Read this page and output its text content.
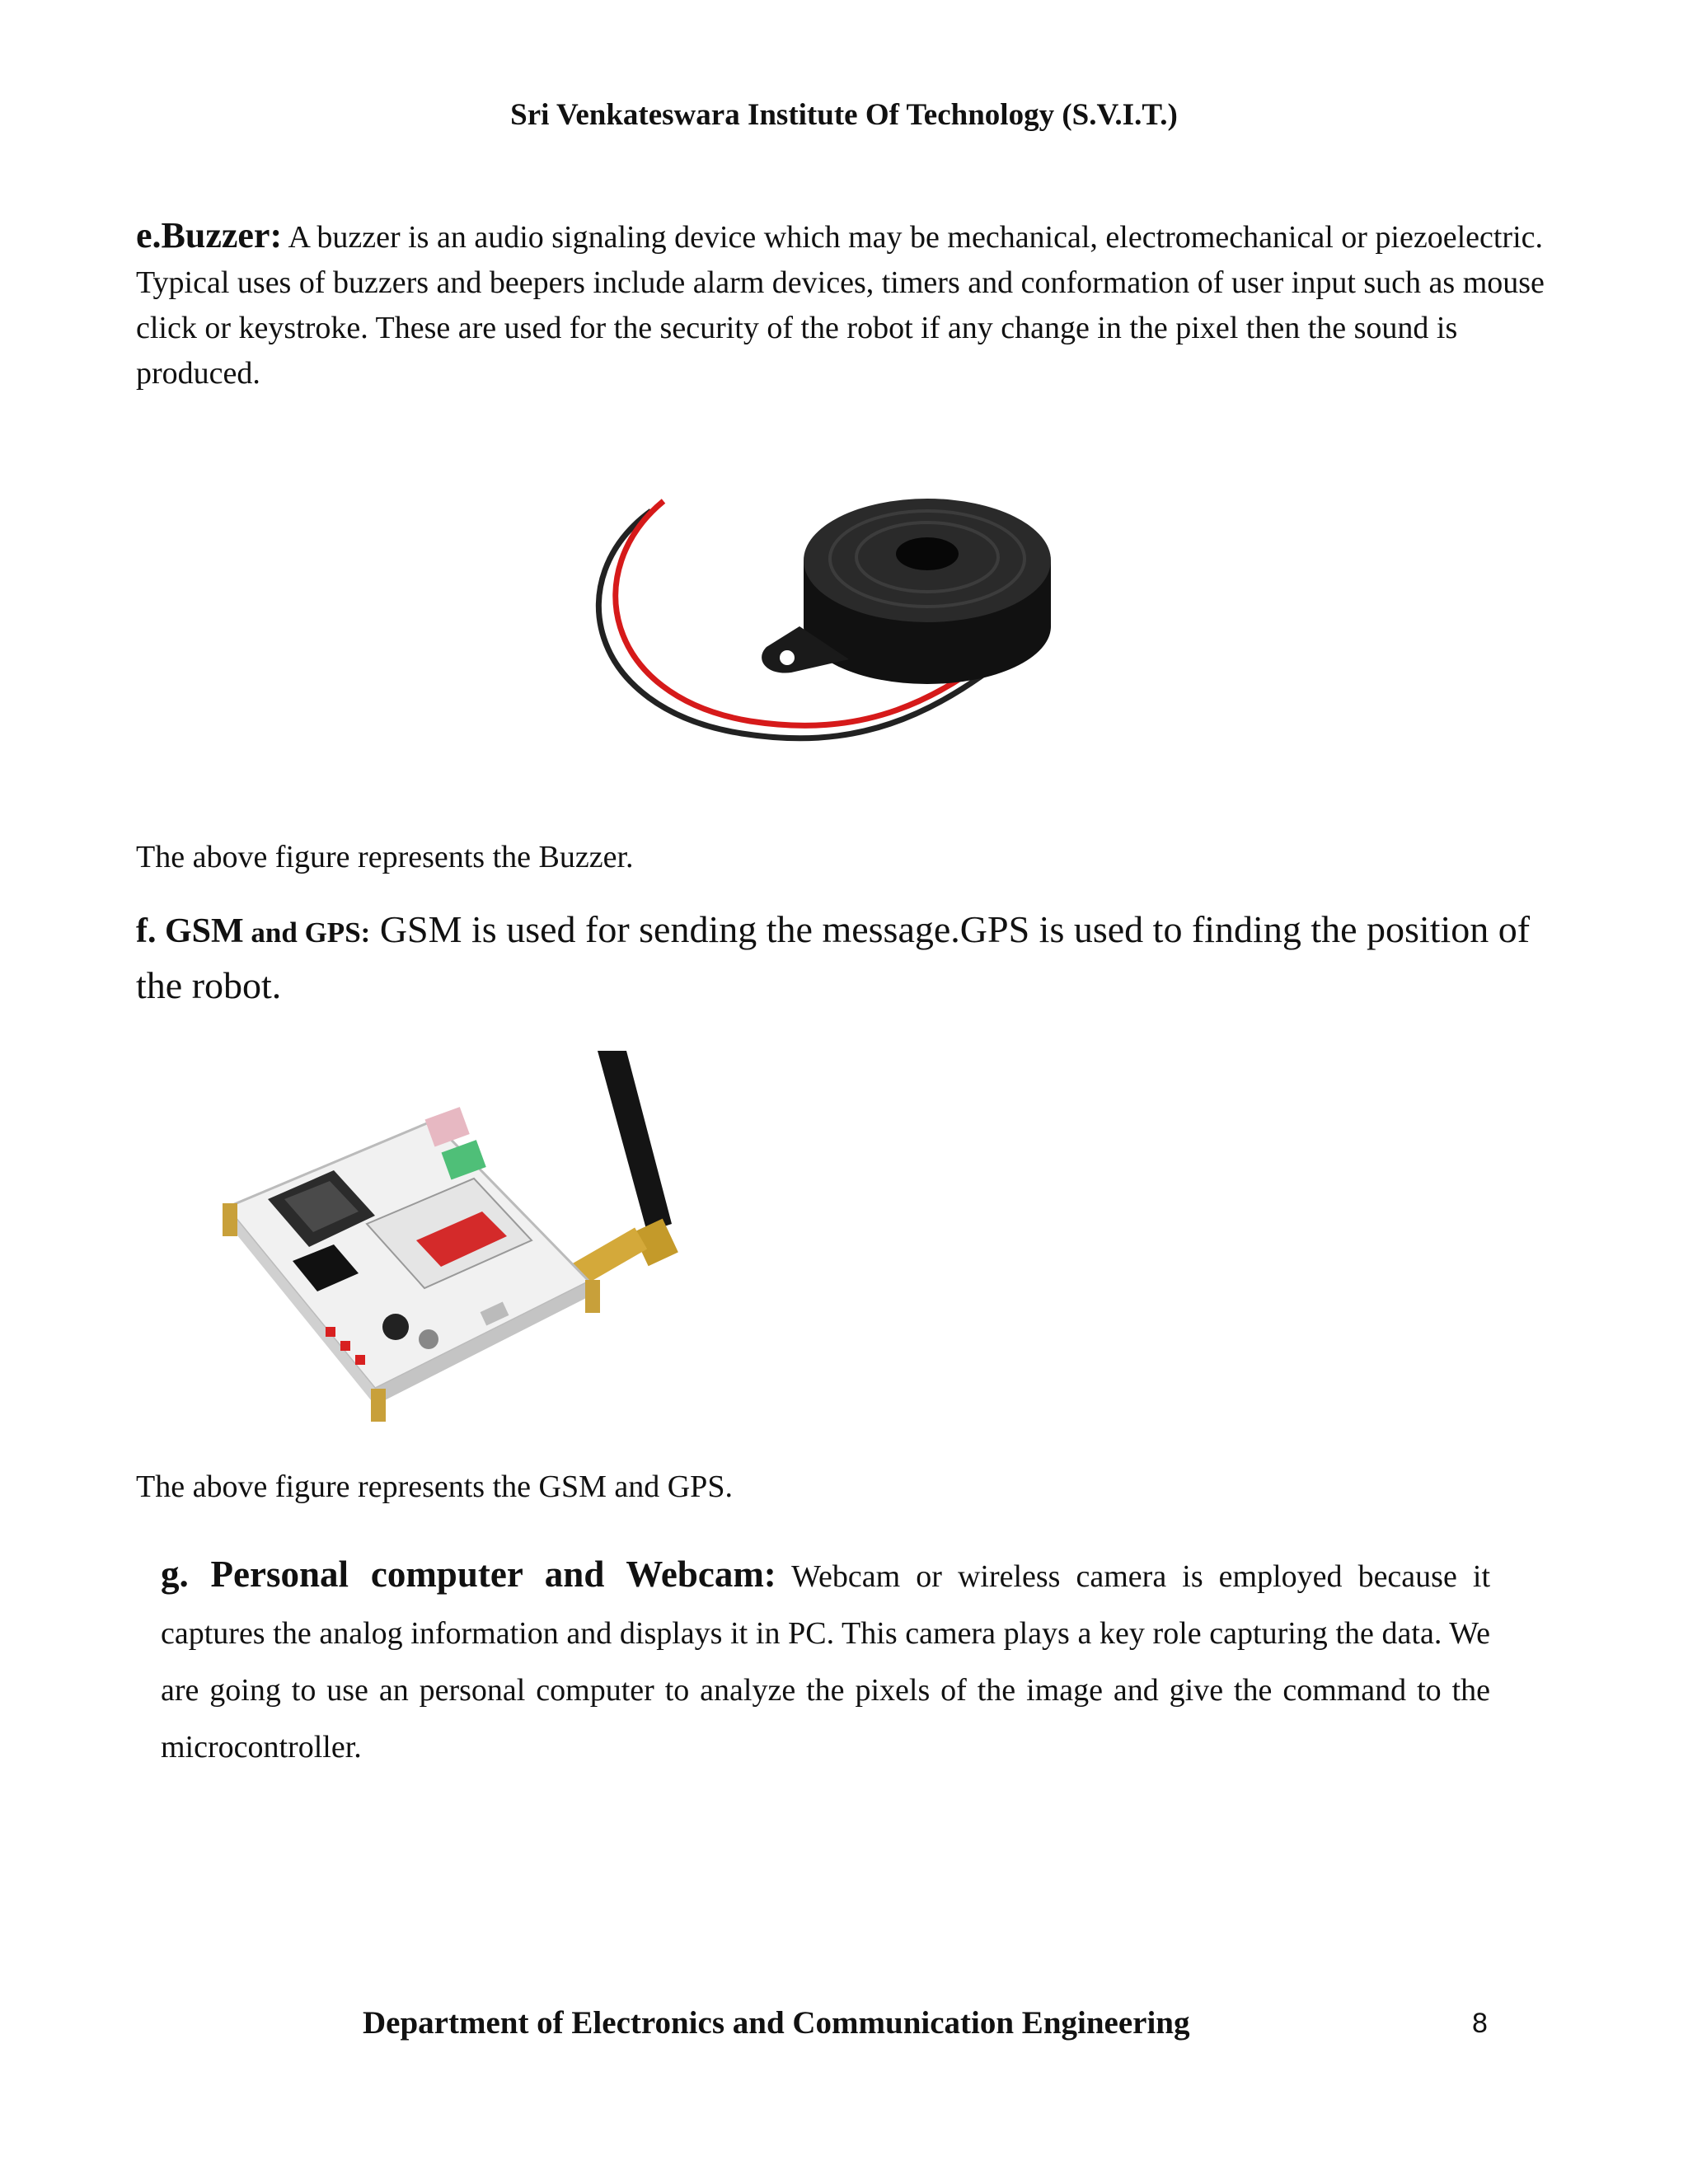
Sri Venkateswara Institute Of Technology (S.V.I.T.)
e.Buzzer: A buzzer is an audio signaling device which may be mechanical, electromechanical or piezoelectric. Typical uses of buzzers and beepers include alarm devices, timers and conformation of user input such as mouse click or keystroke. These are used for the security of the robot if any change in the pixel then the sound is produced.
The above figure represents the Buzzer.
f. GSM and GPS: GSM is used for sending the message.GPS is used to finding the position of the robot.
The above figure represents the GSM and GPS.
g. Personal computer and Webcam: Webcam or wireless camera is employed because it captures the analog information and displays it in PC. This camera plays a key role capturing the data. We are going to use an personal computer to analyze the pixels of the image and give the command to the microcontroller.
Department of Electronics and Communication Engineering	8
